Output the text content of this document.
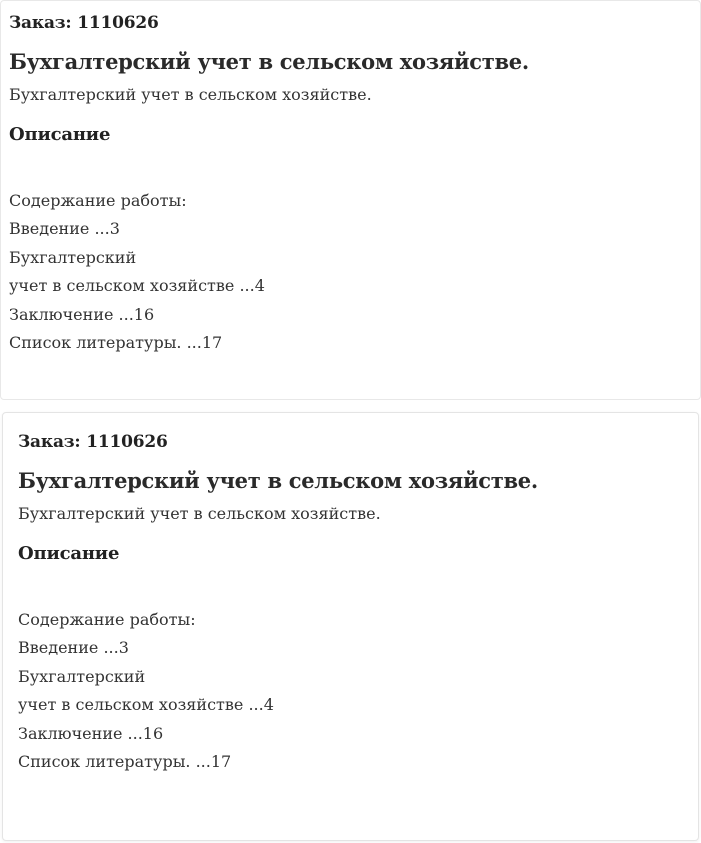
Заказ: 1110626

Бухгалтерский учет в сельском хозяйстве.

Бухгалтерский учет в сельском хозяйстве.

Описание
Содержание работы:
Введение ...3
Бухгалтерский
учет в сельском хозяйстве ...4
Заключение ...16
Список литературы. ...17

Заказ: 1110626

Бухгалтерский учет в сельском хозяйстве.

Бухгалтерский учет в сельском хозяйстве.

Описание
Содержание работы:
Введение ...3
Бухгалтерский
учет в сельском хозяйстве ...4
Заключение ...16
Список литературы. ...17
